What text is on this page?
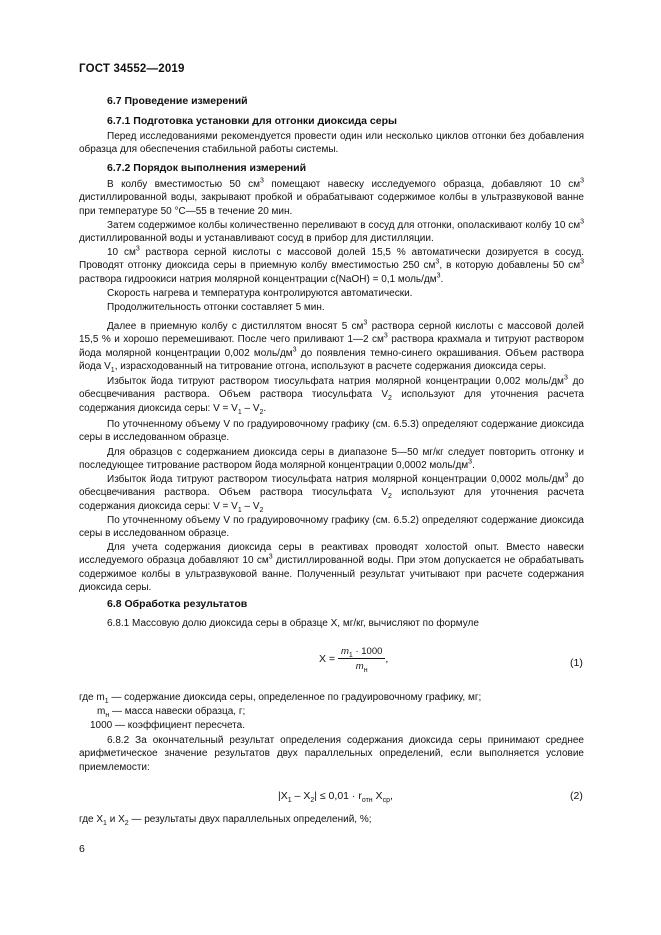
ГОСТ 34552—2019
6.7 Проведение измерений
6.7.1 Подготовка установки для отгонки диоксида серы

Перед исследованиями рекомендуется провести один или несколько циклов отгонки без добавления образца для обеспечения стабильной работы системы.

6.7.2 Порядок выполнения измерений

В колбу вместимостью 50 $см^3$ помещают навеску исследуемого образца, добавляют 10 $см^3$ дистиллированной воды, закрывают пробкой и обрабатывают содержимое колбы в ультразвуковой ванне при температуре 50 °С—55 в течение 20 мин.

Затем содержимое колбы количественно переливают в сосуд для отгонки, ополаскивают колбу 10 $см^3$ дистиллированной воды и устанавливают сосуд в прибор для дистилляции.

10 $см^3$ раствора серной кислоты с массовой долей 15,5 % автоматически дозируется в сосуд. Проводят отгонку диоксида серы в приемную колбу вместимостью 250 $см^3$, в которую добавлены 50 $см^3$ раствора гидроокиси натрия молярной концентрации c(NaOH) = 0,1 моль/$дм^3$.

Скорость нагрева и температура контролируются автоматически.

Продолжительность отгонки составляет 5 мин.

Далее в приемную колбу с дистиллятом вносят 5 $см^3$ раствора серной кислоты с массовой долей 15,5 % и хорошо перемешивают. После чего приливают 1—2 $см^3$ раствора крахмала и титруют раствором йода молярной концентрации 0,002 моль/$дм^3$ до появления темно-синего окрашивания. Объем раствора йода $V_1$, израсходованный на титрование отгона, используют в расчете содержания диоксида серы.

Избыток йода титруют раствором тиосульфата натрия молярной концентрации 0,002 моль/$дм^3$ до обесцвечивания раствора. Объем раствора тиосульфата $V_2$ используют для уточнения расчета содержания диоксида серы: $V = V_1 - V_2$.

По уточненному объему V по градуировочному графику (см. 6.5.3) определяют содержание диоксида серы в исследованном образце.

Для образцов с содержанием диоксида серы в диапазоне 5—50 мг/кг следует повторить отгонку и последующее титрование раствором йода молярной концентрации 0,0002 моль/$дм^3$.

Избыток йода титруют раствором тиосульфата натрия молярной концентрации 0,0002 моль/$дм^3$ до обесцвечивания раствора. Объем раствора тиосульфата $V_2$ используют для уточнения расчета содержания диоксида серы: $V = V_1 - V_2$

По уточненному объему V по градуировочному графику (см. 6.5.2) определяют содержание диоксида серы в исследованном образце.

Для учета содержания диоксида серы в реактивах проводят холостой опыт. Вместо навески исследуемого образца добавляют 10 $см^3$ дистиллированной воды. При этом допускается не обрабатывать содержимое колбы в ультразвуковой ванне. Полученный результат учитывают при расчете содержания диоксида серы.

6.8 Обработка результатов

6.8.1 Массовую долю диоксида серы в образце X, мг/кг, вычисляют по формуле

$X = \frac{m_1 \cdot 1000}{m_н}$ ,	(1)
где $m_1$ — содержание диоксида серы, определенное по градуировочному графику, мг;
$m_н$ — масса навески образца, г;
1000 — коэффициент пересчета.

6.8.2 За окончательный результат определения содержания диоксида серы принимают среднее арифметическое значение результатов двух параллельных определений, если выполняется условие приемлемости:

$|X_1 - X_2| \le 0,01 \cdot r_{отн}$ $X_{ср}$,	(2)
где $X_1$ и $X_2$ — результаты двух параллельных определений, %;
6
